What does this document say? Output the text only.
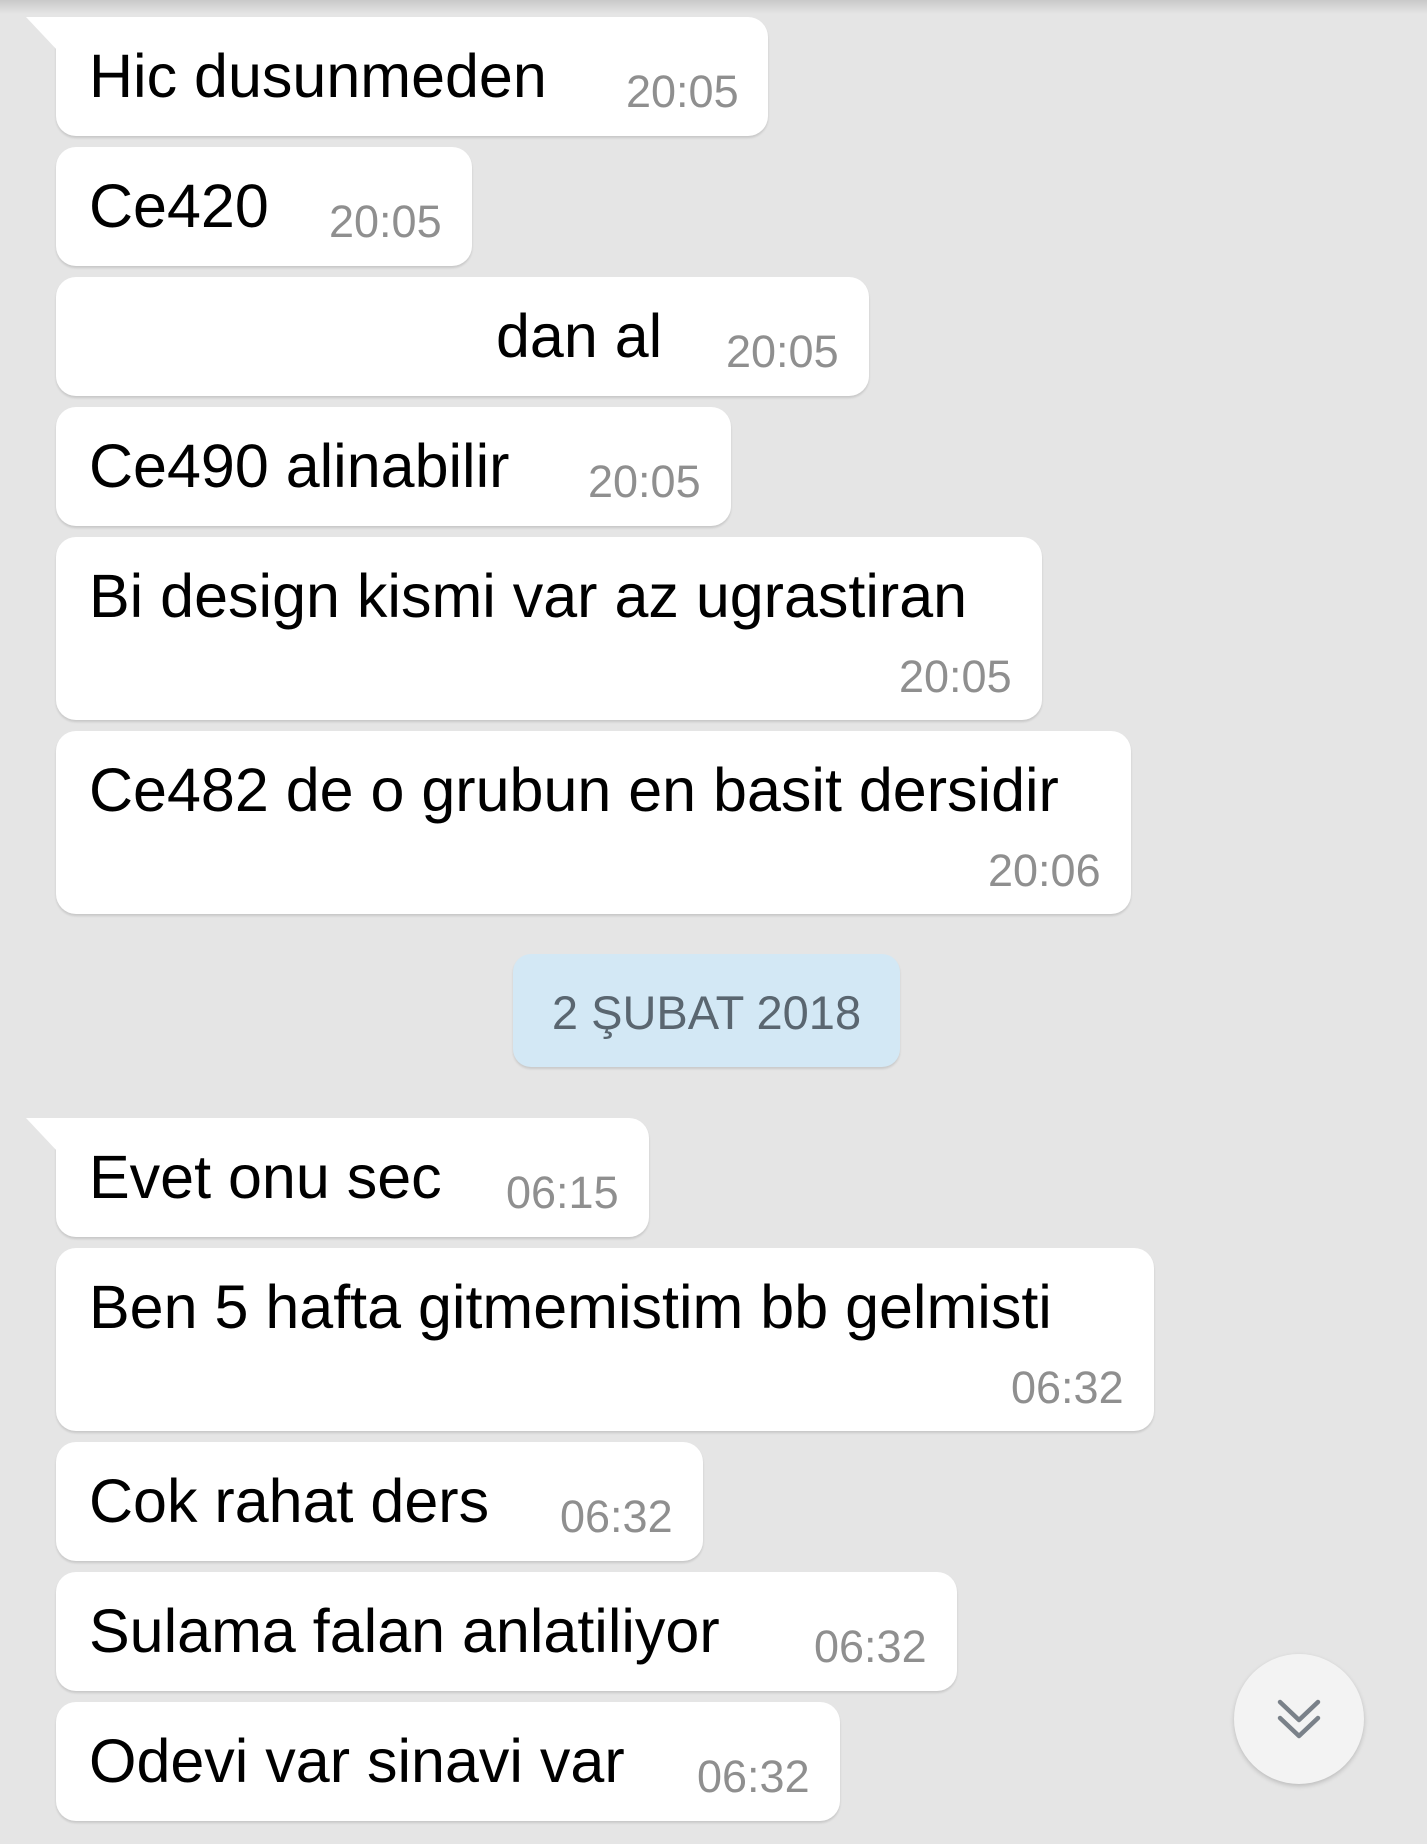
Hic dusunmeden 20:05
Ce420 20:05
dan al 20:05
Ce490 alinabilir 20:05
Bi design kismi var az ugrastiran
20:05
Ce482 de o grubun en basit dersidir
20:06
2 ŞUBAT 2018
Evet onu sec 06:15
Ben 5 hafta gitmemistim bb gelmisti
06:32
Cok rahat ders 06:32
Sulama falan anlatiliyor 06:32
Odevi var sinavi var 06:32
